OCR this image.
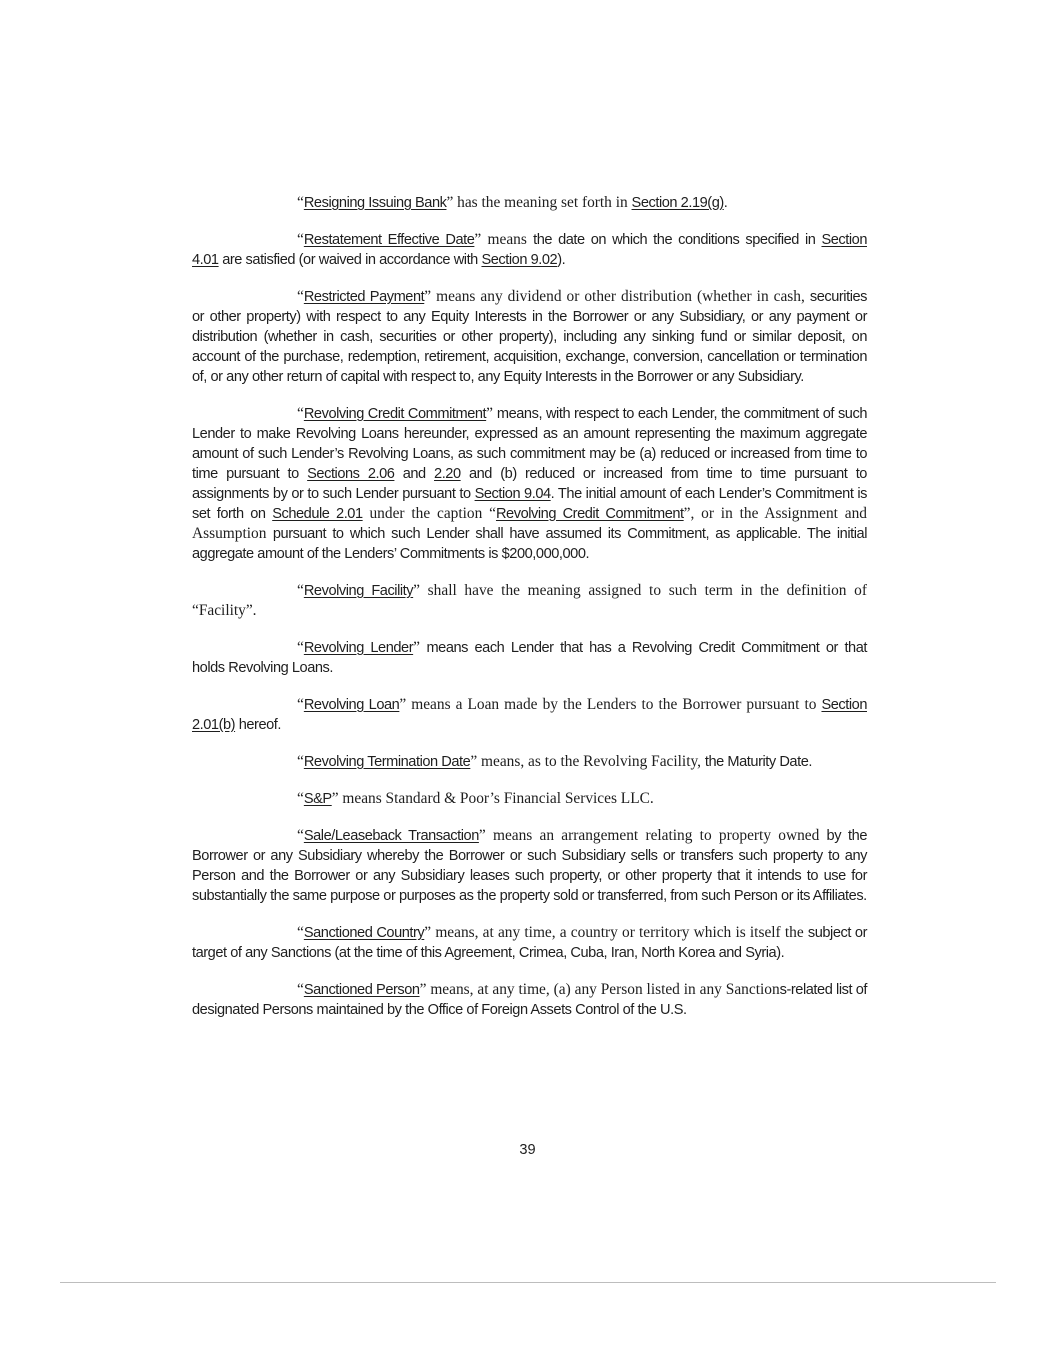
“Resigning Issuing Bank” has the meaning set forth in Section 2.19(g).

“Restatement Effective Date” means the date on which the conditions specified in Section 4.01 are satisfied (or waived in accordance with Section 9.02).

“Restricted Payment” means any dividend or other distribution (whether in cash, securities or other property) with respect to any Equity Interests in the Borrower or any Subsidiary, or any payment or distribution (whether in cash, securities or other property), including any sinking fund or similar deposit, on account of the purchase, redemption, retirement, acquisition, exchange, conversion, cancellation or termination of, or any other return of capital with respect to, any Equity Interests in the Borrower or any Subsidiary.

“Revolving Credit Commitment” means, with respect to each Lender, the commitment of such Lender to make Revolving Loans hereunder, expressed as an amount representing the maximum aggregate amount of such Lender’s Revolving Loans, as such commitment may be (a) reduced or increased from time to time pursuant to Sections 2.06 and 2.20 and (b) reduced or increased from time to time pursuant to assignments by or to such Lender pursuant to Section 9.04. The initial amount of each Lender’s Commitment is set forth on Schedule 2.01 under the caption “Revolving Credit Commitment”, or in the Assignment and Assumption pursuant to which such Lender shall have assumed its Commitment, as applicable. The initial aggregate amount of the Lenders’ Commitments is $200,000,000.

“Revolving Facility” shall have the meaning assigned to such term in the definition of “Facility”.

“Revolving Lender” means each Lender that has a Revolving Credit Commitment or that holds Revolving Loans.

“Revolving Loan” means a Loan made by the Lenders to the Borrower pursuant to Section 2.01(b) hereof.

“Revolving Termination Date” means, as to the Revolving Facility, the Maturity Date.

“S&P” means Standard & Poor’s Financial Services LLC.

“Sale/Leaseback Transaction” means an arrangement relating to property owned by the Borrower or any Subsidiary whereby the Borrower or such Subsidiary sells or transfers such property to any Person and the Borrower or any Subsidiary leases such property, or other property that it intends to use for substantially the same purpose or purposes as the property sold or transferred, from such Person or its Affiliates.

“Sanctioned Country” means, at any time, a country or territory which is itself the subject or target of any Sanctions (at the time of this Agreement, Crimea, Cuba, Iran, North Korea and Syria).

“Sanctioned Person” means, at any time, (a) any Person listed in any Sanctions-related list of designated Persons maintained by the Office of Foreign Assets Control of the U.S.

39
